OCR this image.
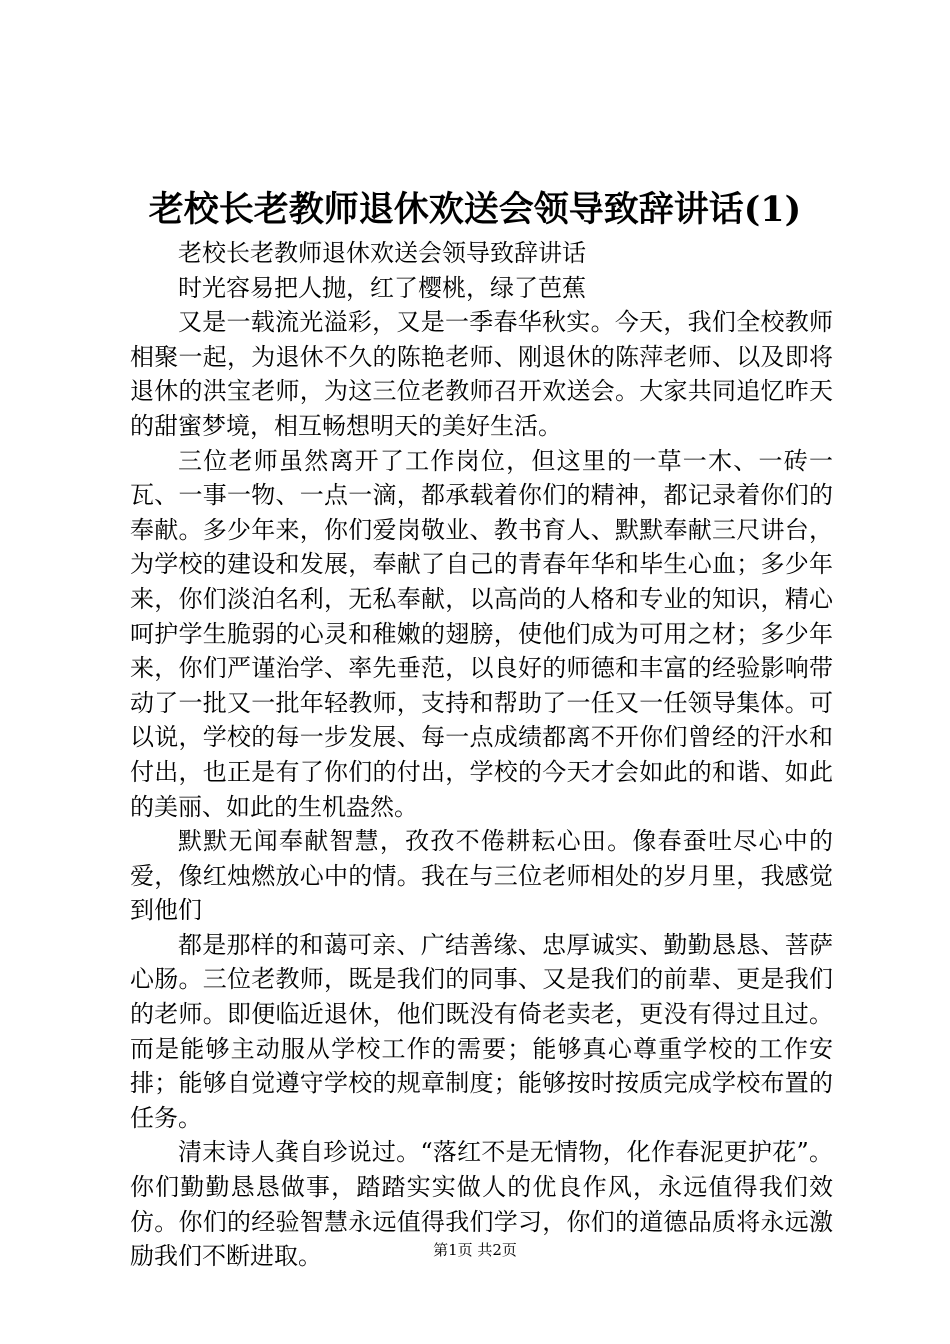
老校长老教师退休欢送会领导致辞讲话(1)

老校长老教师退休欢送会领导致辞讲话

时光容易把人抛，红了樱桃，绿了芭蕉

又是一载流光溢彩，又是一季春华秋实。今天，我们全校教师相聚一起，为退休不久的陈艳老师、刚退休的陈萍老师、以及即将退休的洪宝老师，为这三位老教师召开欢送会。大家共同追忆昨天的甜蜜梦境，相互畅想明天的美好生活。

三位老师虽然离开了工作岗位，但这里的一草一木、一砖一瓦、一事一物、一点一滴，都承载着你们的精神，都记录着你们的奉献。多少年来，你们爱岗敬业、教书育人、默默奉献三尺讲台，为学校的建设和发展，奉献了自己的青春年华和毕生心血；多少年来，你们淡泊名利，无私奉献，以高尚的人格和专业的知识，精心呵护学生脆弱的心灵和稚嫩的翅膀，使他们成为可用之材；多少年来，你们严谨治学、率先垂范，以良好的师德和丰富的经验影响带动了一批又一批年轻教师，支持和帮助了一任又一任领导集体。可以说，学校的每一步发展、每一点成绩都离不开你们曾经的汗水和付出，也正是有了你们的付出，学校的今天才会如此的和谐、如此的美丽、如此的生机盎然。

默默无闻奉献智慧，孜孜不倦耕耘心田。像春蚕吐尽心中的爱，像红烛燃放心中的情。我在与三位老师相处的岁月里，我感觉到他们

都是那样的和蔼可亲、广结善缘、忠厚诚实、勤勤恳恳、菩萨心肠。三位老教师，既是我们的同事、又是我们的前辈、更是我们的老师。即便临近退休，他们既没有倚老卖老，更没有得过且过。而是能够主动服从学校工作的需要；能够真心尊重学校的工作安排；能够自觉遵守学校的规章制度；能够按时按质完成学校布置的任务。

清末诗人龚自珍说过。“落红不是无情物，化作春泥更护花”。你们勤勤恳恳做事，踏踏实实做人的优良作风，永远值得我们效仿。你们的经验智慧永远值得我们学习，你们的道德品质将永远激励我们不断进取。	第1页 共2页
